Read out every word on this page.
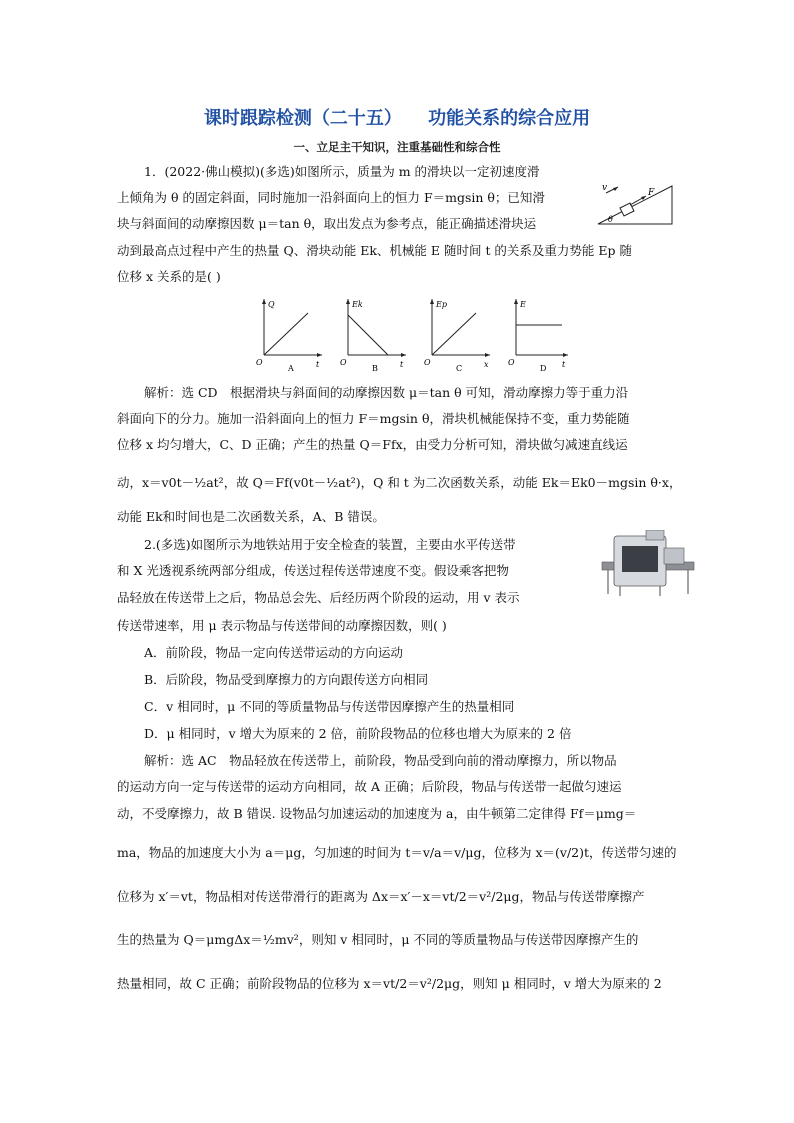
课时跟踪检测（二十五） 功能关系的综合应用
一、立足主干知识，注重基础性和综合性
1．(2022·佛山模拟)(多选)如图所示，质量为 m 的滑块以一定初速度滑
上倾角为 θ 的固定斜面，同时施加一沿斜面向上的恒力 F＝mgsin θ；已知滑
块与斜面间的动摩擦因数 μ＝tan θ，取出发点为参考点，能正确描述滑块运
动到最高点过程中产生的热量 Q、滑块动能 Ek、机械能 E 随时间 t 的关系及重力势能 Ep 随
位移 x 关系的是( )
v	F
θ
Q
t
O
A
Ek
t
O
B
Ep
x
O
C
E
t
O
D
解析：选 CD　根据滑块与斜面间的动摩擦因数 μ＝tan θ 可知，滑动摩擦力等于重力沿
斜面向下的分力。施加一沿斜面向上的恒力 F＝mgsin θ，滑块机械能保持不变，重力势能随
位移 x 均匀增大，C、D 正确；产生的热量 Q＝Ffx，由受力分析可知，滑块做匀减速直线运
动，x＝v0t－½at²，故 Q＝Ff(v0t－½at²)，Q 和 t 为二次函数关系，动能 Ek＝Ek0－mgsin θ·x，
动能 Ek和时间也是二次函数关系，A、B 错误。
2.(多选)如图所示为地铁站用于安全检查的装置，主要由水平传送带
和 X 光透视系统两部分组成，传送过程传送带速度不变。假设乘客把物
品轻放在传送带上之后，物品总会先、后经历两个阶段的运动，用 v 表示
传送带速率，用 μ 表示物品与传送带间的动摩擦因数，则( )
A．前阶段，物品一定向传送带运动的方向运动
B．后阶段，物品受到摩擦力的方向跟传送方向相同
C．v 相同时，μ 不同的等质量物品与传送带因摩擦产生的热量相同
D．μ 相同时，v 增大为原来的 2 倍，前阶段物品的位移也增大为原来的 2 倍
解析：选 AC　物品轻放在传送带上，前阶段，物品受到向前的滑动摩擦力，所以物品
的运动方向一定与传送带的运动方向相同，故 A 正确；后阶段，物品与传送带一起做匀速运
动，不受摩擦力，故 B 错误. 设物品匀加速运动的加速度为 a，由牛顿第二定律得 Ff＝μmg＝
ma，物品的加速度大小为 a＝μg，匀加速的时间为 t＝v/a＝v/μg，位移为 x＝(v/2)t，传送带匀速的
位移为 x′＝vt，物品相对传送带滑行的距离为 Δx＝x′－x＝vt/2＝v²/2μg，物品与传送带摩擦产
生的热量为 Q＝μmgΔx＝½mv²，则知 v 相同时，μ 不同的等质量物品与传送带因摩擦产生的
热量相同，故 C 正确；前阶段物品的位移为 x＝vt/2＝v²/2μg，则知 μ 相同时，v 增大为原来的 2
